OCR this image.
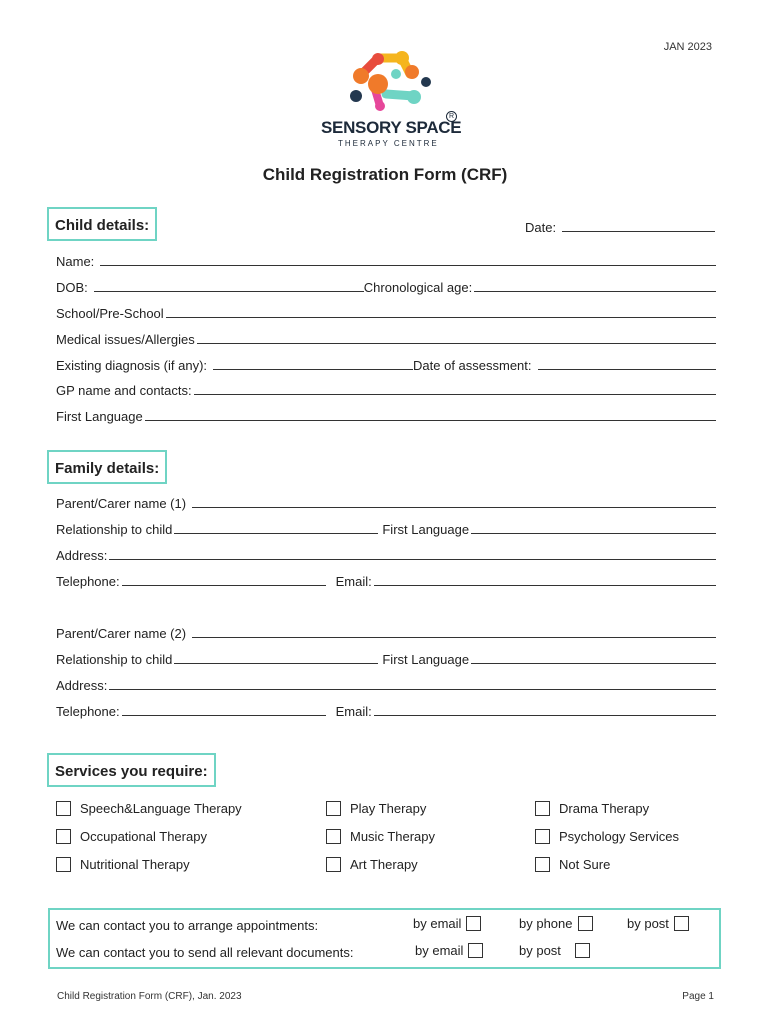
JAN 2023
SENSORY SPACE
R
THERAPY CENTRE
Child Registration Form (CRF)
Child details:	Date:
Name:
DOB:	Chronological age:
School/Pre-School
Medical issues/Allergies
Existing diagnosis (if any):	Date of assessment:
GP name and contacts:
First Language
Family details:
Parent/Carer name (1)
Relationship to child	First Language
Address:
Telephone:	Email:
Parent/Carer name (2)
Relationship to child	First Language
Address:
Telephone:	Email:
Services you require:
Speech&Language Therapy	Play Therapy	Drama Therapy
Occupational Therapy	Music Therapy	Psychology Services
Nutritional Therapy	Art Therapy	Not Sure
We can contact you to arrange appointments:	by email	by phone	by post
We can contact you to send all relevant documents:	by email	by post
Child Registration Form (CRF), Jan. 2023	Page 1
